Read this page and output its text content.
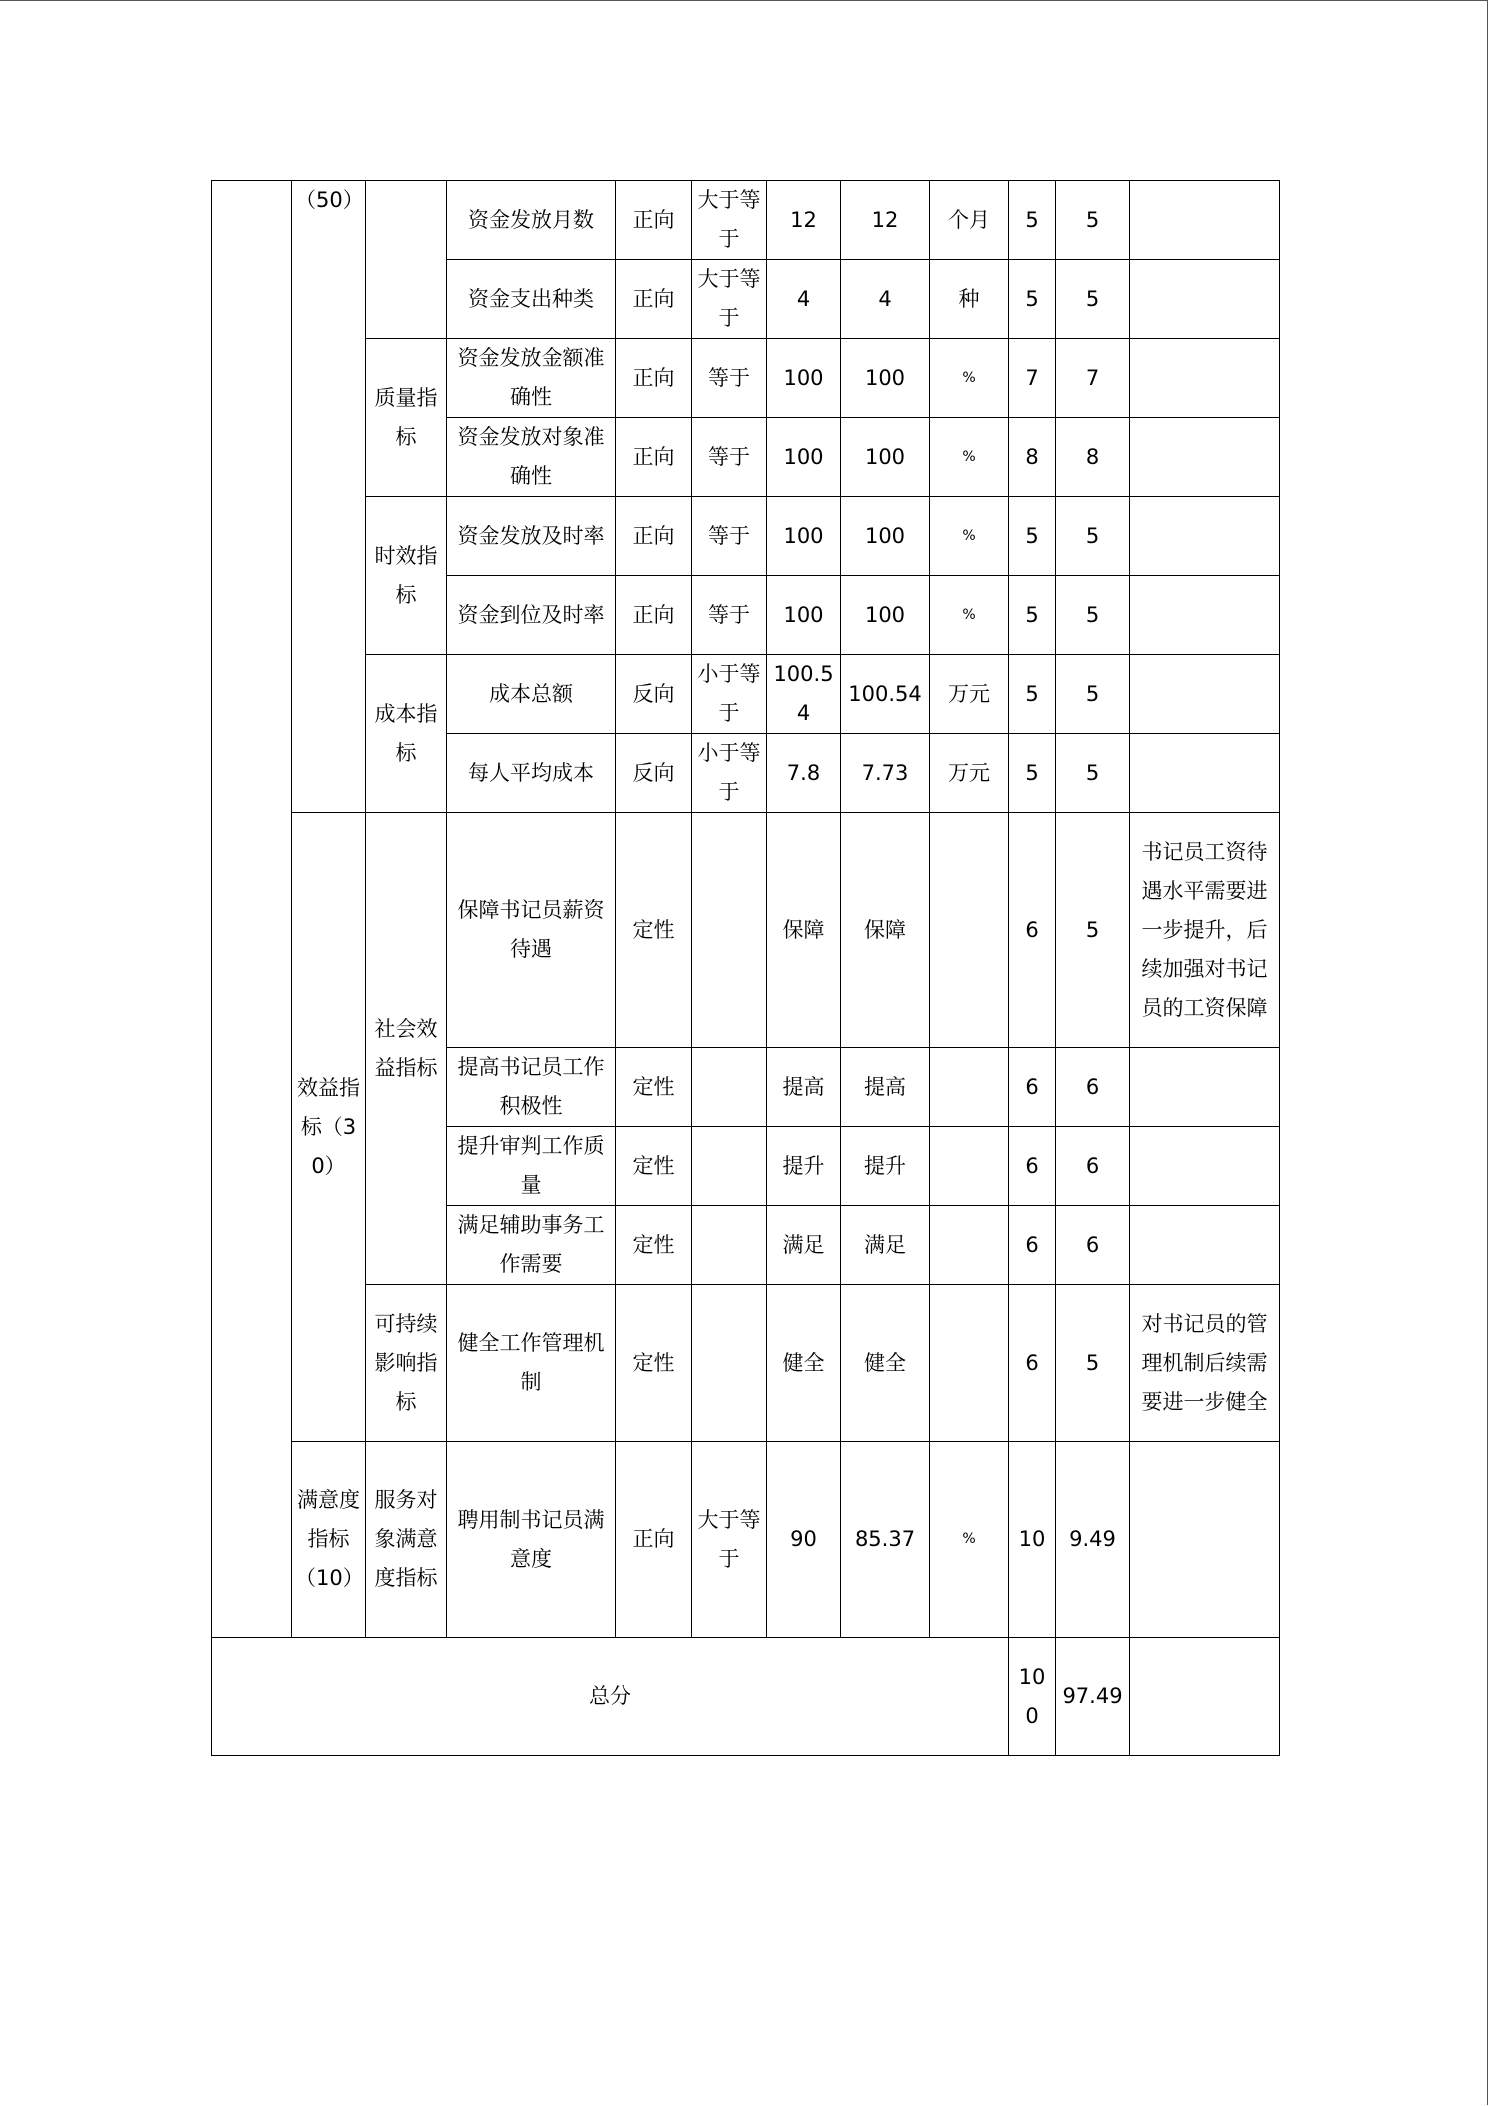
	（50）		资金发放月数	正向	大于等于	12	12	个月	5	5	
			资金支出种类	正向	大于等于	4	4	种	5	5	
		质量指标	资金发放金额准确性	正向	等于	100	100	%	7	7	
			资金发放对象准确性	正向	等于	100	100	%	8	8	
		时效指标	资金发放及时率	正向	等于	100	100	%	5	5	
			资金到位及时率	正向	等于	100	100	%	5	5	
		成本指标	成本总额	反向	小于等于	100.54	100.54	万元	5	5	
			每人平均成本	反向	小于等于	7.8	7.73	万元	5	5	
	效益指标（30）	社会效益指标	保障书记员薪资待遇	定性		保障	保障		6	5	书记员工资待遇水平需要进一步提升，后续加强对书记员的工资保障
			提高书记员工作积极性	定性		提高	提高		6	6	
			提升审判工作质量	定性		提升	提升		6	6	
			满足辅助事务工作需要	定性		满足	满足		6	6	
		可持续影响指标	健全工作管理机制	定性		健全	健全		6	5	对书记员的管理机制后续需要进一步健全
	满意度指标（10）	服务对象满意度指标	聘用制书记员满意度	正向	大于等于	90	85.37	%	10	9.49	
总分									100	97.49	
